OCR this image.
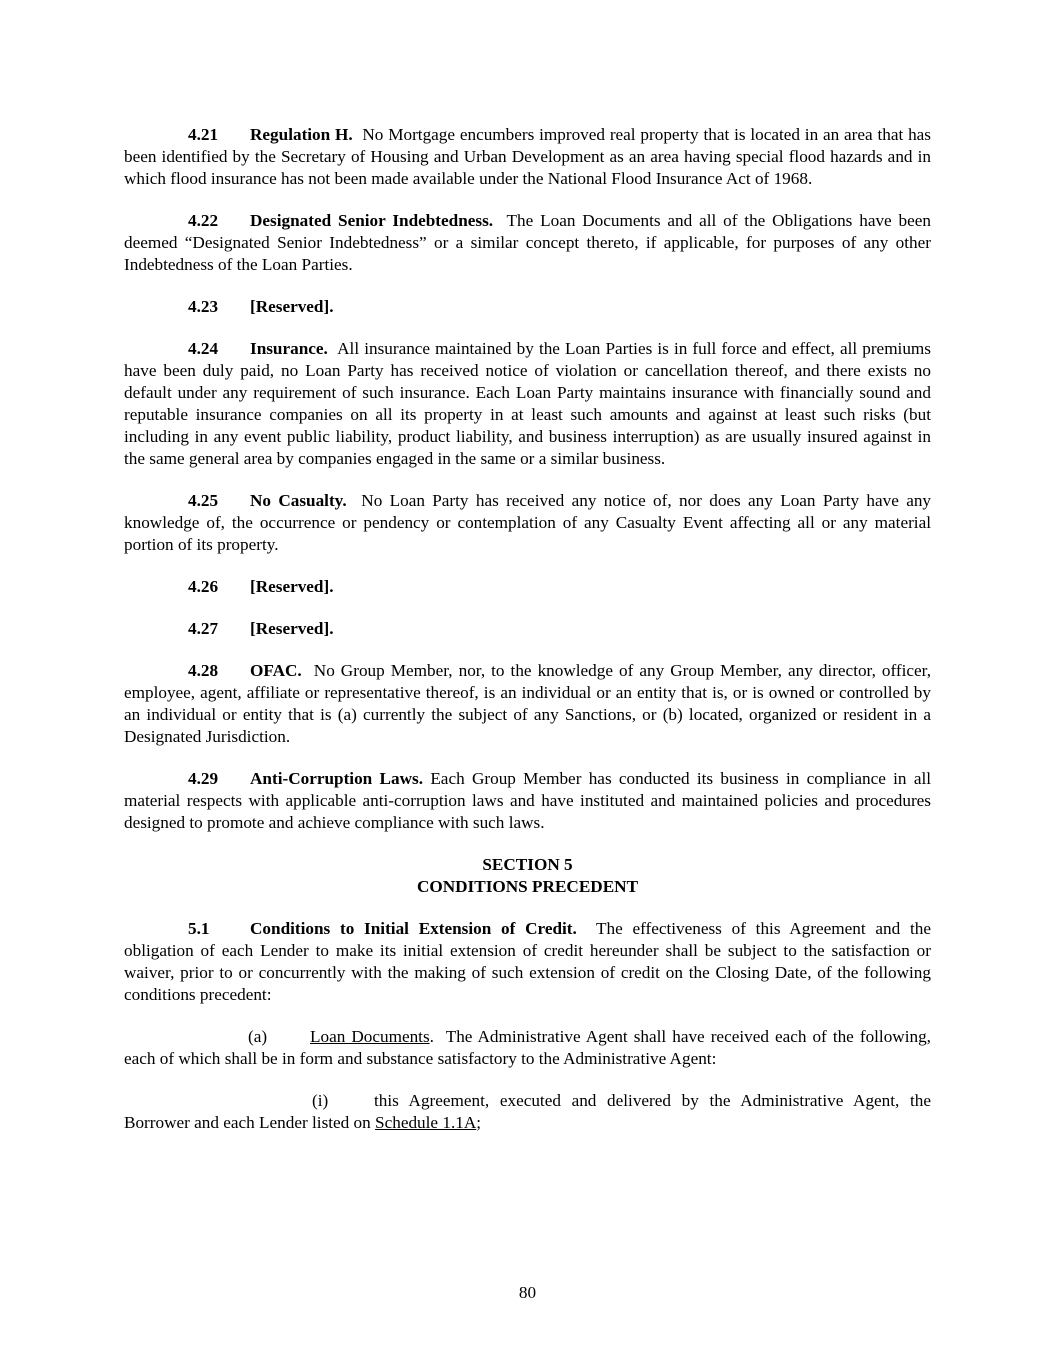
4.21 Regulation H. No Mortgage encumbers improved real property that is located in an area that has been identified by the Secretary of Housing and Urban Development as an area having special flood hazards and in which flood insurance has not been made available under the National Flood Insurance Act of 1968.

4.22 Designated Senior Indebtedness. The Loan Documents and all of the Obligations have been deemed “Designated Senior Indebtedness” or a similar concept thereto, if applicable, for purposes of any other Indebtedness of the Loan Parties.

4.23 [Reserved].

4.24 Insurance. All insurance maintained by the Loan Parties is in full force and effect, all premiums have been duly paid, no Loan Party has received notice of violation or cancellation thereof, and there exists no default under any requirement of such insurance. Each Loan Party maintains insurance with financially sound and reputable insurance companies on all its property in at least such amounts and against at least such risks (but including in any event public liability, product liability, and business interruption) as are usually insured against in the same general area by companies engaged in the same or a similar business.

4.25 No Casualty. No Loan Party has received any notice of, nor does any Loan Party have any knowledge of, the occurrence or pendency or contemplation of any Casualty Event affecting all or any material portion of its property.

4.26 [Reserved].

4.27 [Reserved].

4.28 OFAC. No Group Member, nor, to the knowledge of any Group Member, any director, officer, employee, agent, affiliate or representative thereof, is an individual or an entity that is, or is owned or controlled by an individual or entity that is (a) currently the subject of any Sanctions, or (b) located, organized or resident in a Designated Jurisdiction.

4.29 Anti-Corruption Laws. Each Group Member has conducted its business in compliance in all material respects with applicable anti-corruption laws and have instituted and maintained policies and procedures designed to promote and achieve compliance with such laws.

SECTION 5
CONDITIONS PRECEDENT

5.1 Conditions to Initial Extension of Credit. The effectiveness of this Agreement and the obligation of each Lender to make its initial extension of credit hereunder shall be subject to the satisfaction or waiver, prior to or concurrently with the making of such extension of credit on the Closing Date, of the following conditions precedent:

(a) Loan Documents.  The Administrative Agent shall have received each of the following, each of which shall be in form and substance satisfactory to the Administrative Agent:

(i)	this Agreement, executed and delivered by the Administrative Agent, the Borrower and each Lender listed on Schedule 1.1A;

80
